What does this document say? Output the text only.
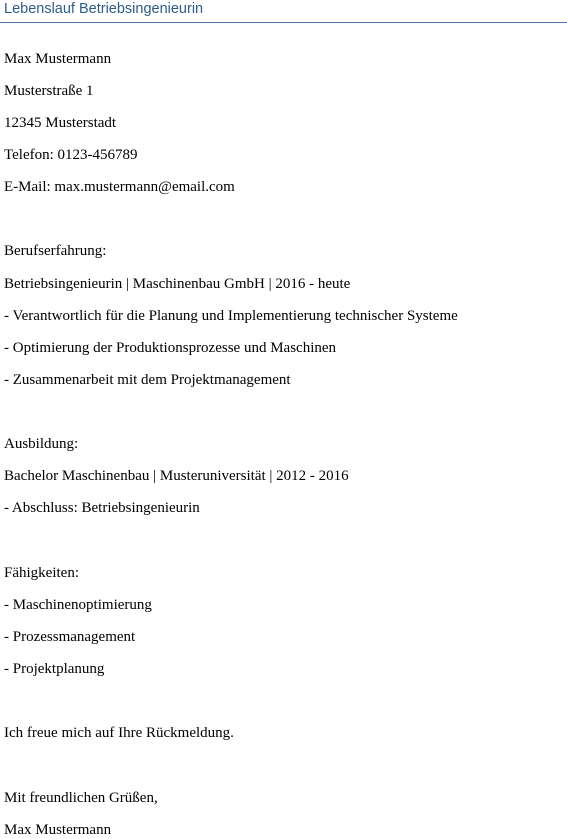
Lebenslauf Betriebsingenieurin
Max Mustermann
Musterstraße 1
12345 Musterstadt
Telefon: 0123-456789
E-Mail: max.mustermann@email.com
Berufserfahrung:
Betriebsingenieurin | Maschinenbau GmbH | 2016 - heute
- Verantwortlich für die Planung und Implementierung technischer Systeme
- Optimierung der Produktionsprozesse und Maschinen
- Zusammenarbeit mit dem Projektmanagement
Ausbildung:
Bachelor Maschinenbau | Musteruniversität | 2012 - 2016
- Abschluss: Betriebsingenieurin
Fähigkeiten:
- Maschinenoptimierung
- Prozessmanagement
- Projektplanung
Ich freue mich auf Ihre Rückmeldung.
Mit freundlichen Grüßen,
Max Mustermann
